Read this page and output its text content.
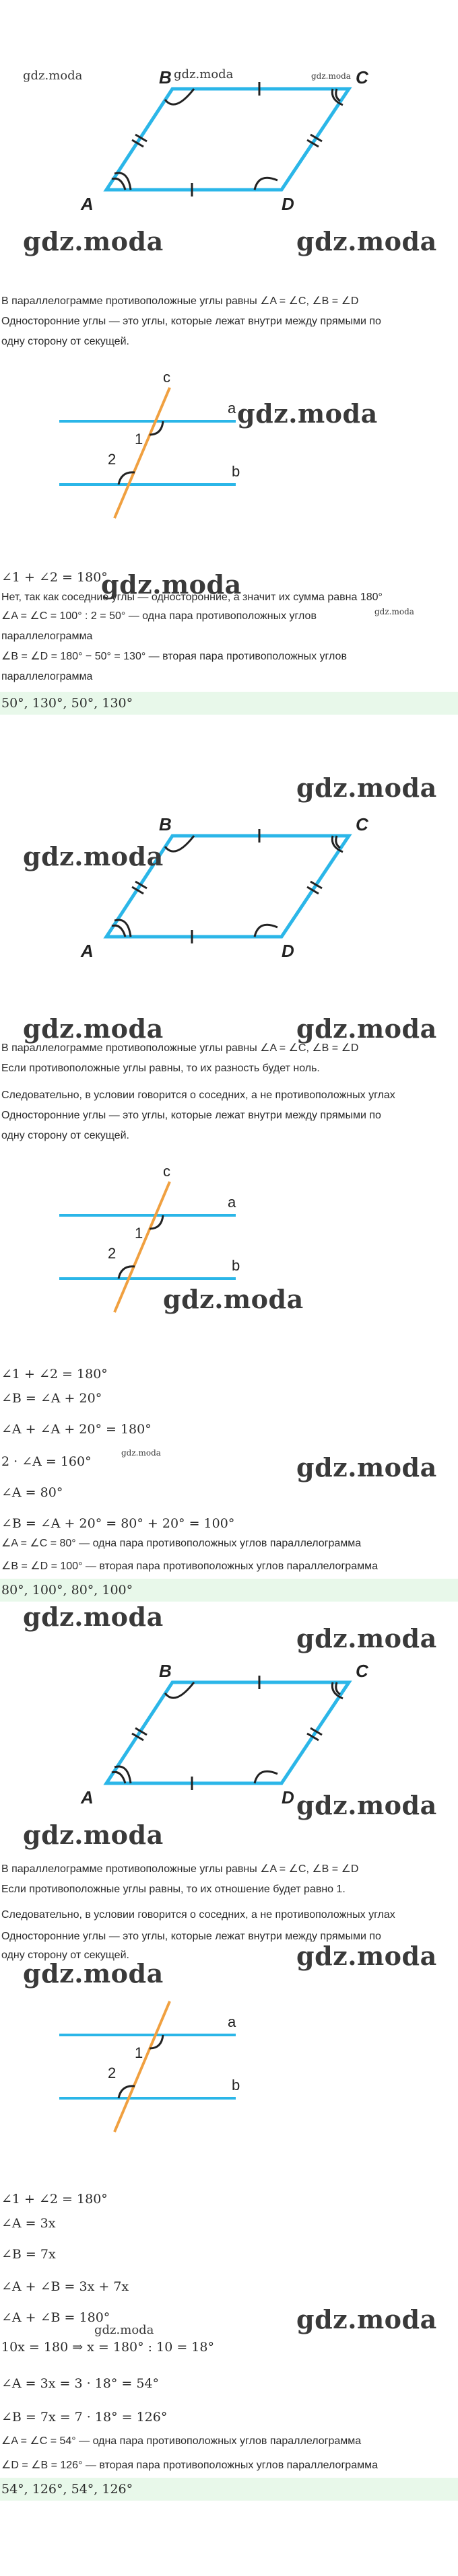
gdz.moda	B	C
A	D
gdz.moda	gdz.moda
gdz.moda	gdz.moda
В параллелограмме противоположные углы равны ∠A = ∠C, ∠B = ∠D
Односторонние углы — это углы, которые лежат внутри между прямыми по
одну сторону от секущей.
c
a
b
1
2
gdz.moda
∠1 + ∠2 = 180°
gdz.moda
Нет, так как соседние углы — односторонние, а значит их сумма равна 180°
gdz.moda
∠A = ∠C = 100° : 2 = 50° — одна пара противоположных углов
параллелограмма
∠B = ∠D = 180° − 50° = 130° — вторая пара противоположных углов
параллелограмма
50°, 130°, 50°, 130°
gdz.moda
B	C
A	D
gdz.moda
gdz.moda	gdz.moda
В параллелограмме противоположные углы равны ∠A = ∠C, ∠B = ∠D
Если противоположные углы равны, то их разность будет ноль.
Следовательно, в условии говорится о соседних, а не противоположных углах
Односторонние углы — это углы, которые лежат внутри между прямыми по
одну сторону от секущей.
c
a
b
1
2
gdz.moda
∠1 + ∠2 = 180°
∠B = ∠A + 20°
∠A + ∠A + 20° = 180°
2 · ∠A = 160°
gdz.moda	gdz.moda
∠A = 80°
∠B = ∠A + 20° = 80° + 20° = 100°
∠A = ∠C = 80° — одна пара противоположных углов параллелограмма
∠B = ∠D = 100° — вторая пара противоположных углов параллелограмма
80°, 100°, 80°, 100°
gdz.moda
gdz.moda
B	C
A	D
gdz.moda
gdz.moda
В параллелограмме противоположные углы равны ∠A = ∠C, ∠B = ∠D
Если противоположные углы равны, то их отношение будет равно 1.
Следовательно, в условии говорится о соседних, а не противоположных углах
Односторонние углы — это углы, которые лежат внутри между прямыми по
gdz.moda
одну сторону от секущей.
gdz.moda
a
b
1
2
∠1 + ∠2 = 180°
∠A = 3x
∠B = 7x
∠A + ∠B = 3x + 7x
∠A + ∠B = 180°	gdz.moda
gdz.moda
10x = 180 ⇒ x = 180° : 10 = 18°
∠A = 3x = 3 · 18° = 54°
∠B = 7x = 7 · 18° = 126°
∠A = ∠C = 54° — одна пара противоположных углов параллелограмма
∠D = ∠B = 126° — вторая пара противоположных углов параллелограмма
54°, 126°, 54°, 126°
